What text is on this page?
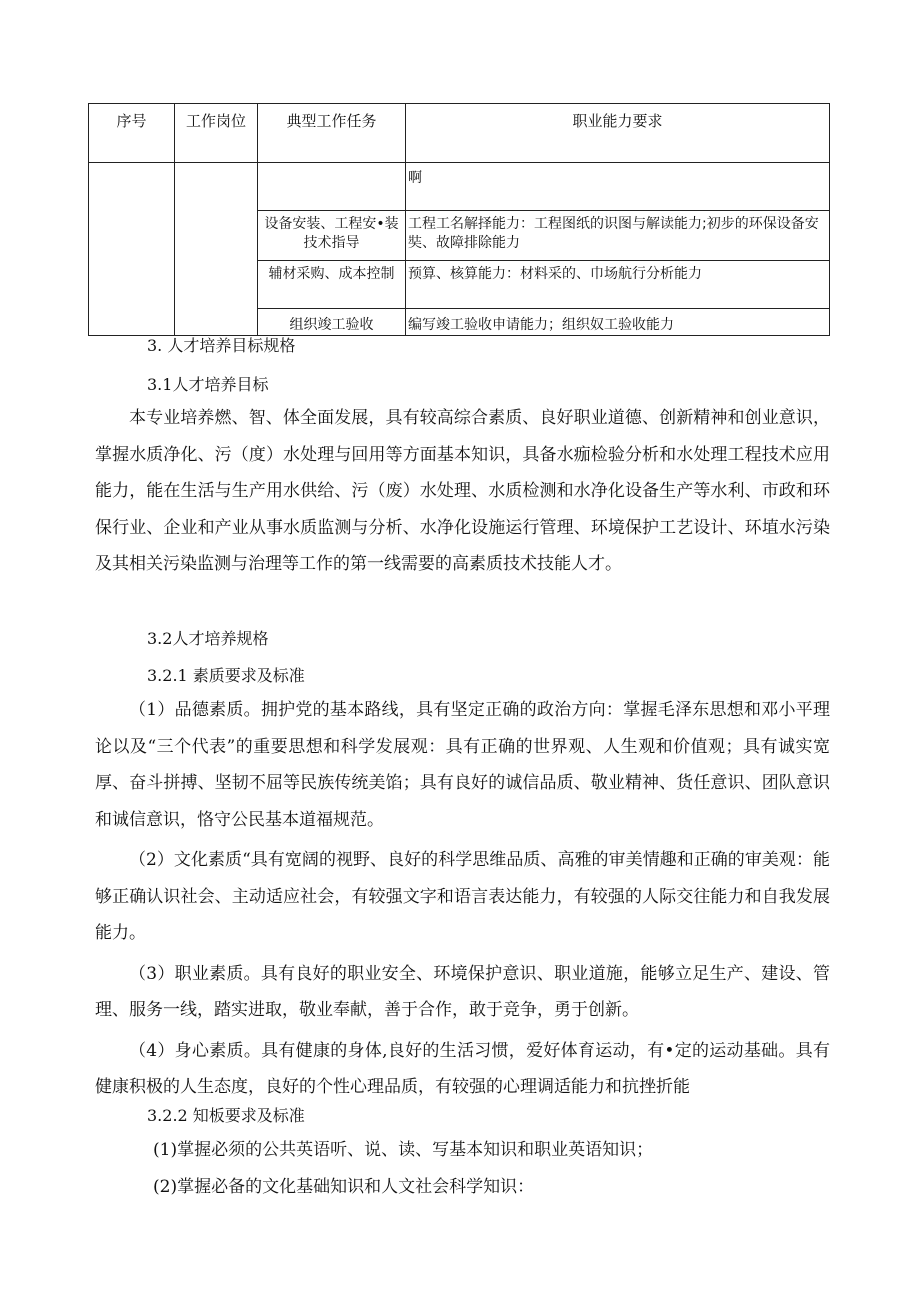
序号	工作岗位	典型工作任务	职业能力要求
			啊
		设备安装、工程安•装技术指导	工程工名解择能力：工程图纸的识图与解读能力;初步的环保设备安奘、故障排除能力
		辅材采购、成本控制	预算、核算能力：材料采的、巾场航行分析能力
		组织竣工验收	编写竣工验收申请能力；组织奴工验收能力
3. 人才培养目标规格
3.1人才培养目标

本专业培养燃、智、体全面发展，具有较高综合素质、良好职业道德、创新精神和创业意识，掌握水质净化、污（度）水处理与回用等方面基本知识，具备水痂检验分析和水处理工程技术应用能力，能在生活与生产用水供给、污（废）水处理、水质检测和水净化设备生产等水利、市政和环保行业、企业和产业从事水质监测与分析、水净化设施运行管理、环境保护工艺设计、环埴水污染及其相关污染监测与治理等工作的第一线需要的高素质技术技能人才。

3.2人才培养规格
3.2.1 素质要求及标准

（1）品德素质。拥护党的基本路线，具有坚定正确的政治方向：掌握毛泽东思想和邓小平理论以及“三个代表”的重要思想和科学发展观：具有正确的世界观、人生观和价值观；具有诚实宽厚、奋斗拼搏、坚韧不屈等民族传统美馅；具有良好的诚信品质、敬业精神、货任意识、团队意识和诚信意识，恪守公民基本道福规范。

（2）文化素质“具有宽阔的视野、良好的科学思维品质、高雅的审美情趣和正确的审美观：能够正确认识社会、主动适应社会，有较强文字和语言表达能力，有较强的人际交往能力和自我发展能力。

（3）职业素质。具有良好的职业安全、环境保护意识、职业道施，能够立足生产、建设、管理、服务一线，踏实进取，敬业奉献，善于合作，敢于竞争，勇于创新。

（4）身心素质。具有健康的身体,良好的生活习惯，爱好体育运动，有•定的运动基础。具有健康积极的人生态度，良好的个性心理品质，有较强的心理调适能力和抗挫折能

3.2.2 知板要求及标准

(1)掌握必须的公共英语听、说、读、写基本知识和职业英语知识；

(2)掌握必备的文化基础知识和人文社会科学知识：
